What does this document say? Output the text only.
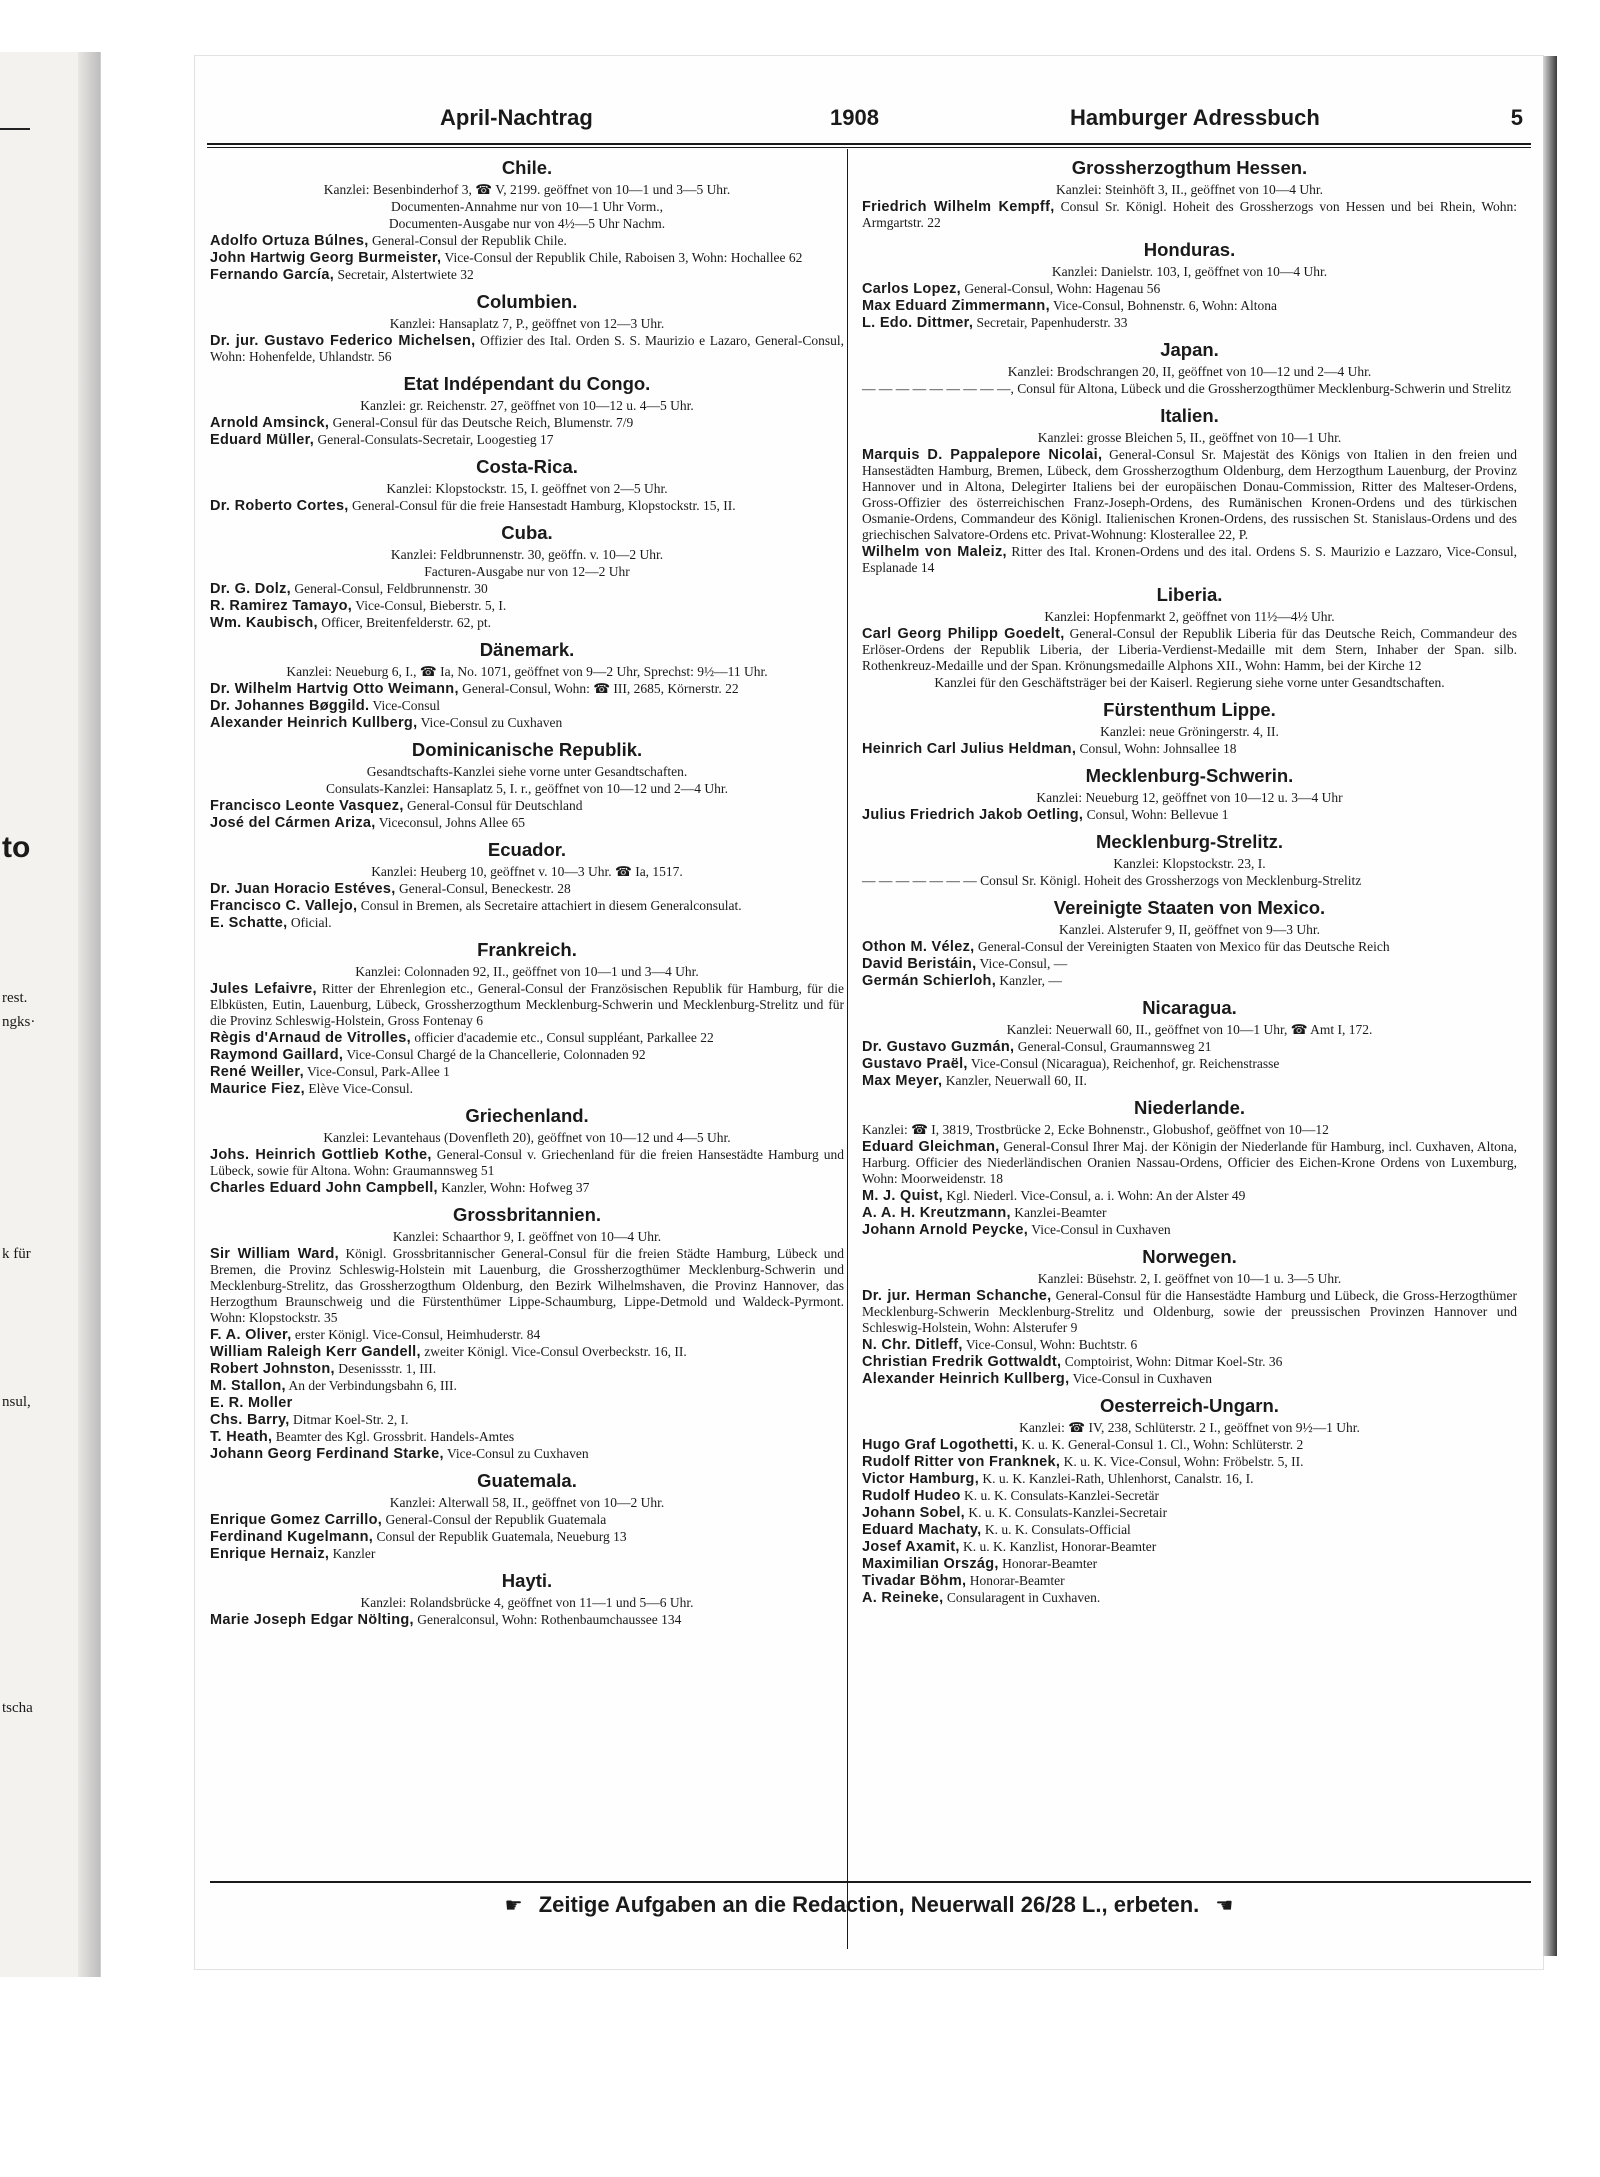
to
rest.
ngks·
k für
nsul,
tscha
April-Nachtrag	1908	Hamburger Adressbuch	5
Chile.
Kanzlei: Besenbinderhof 3, ☎ V, 2199. geöffnet von 10—1 und 3—5 Uhr.
Documenten-Annahme nur von 10—1 Uhr Vorm.,
Documenten-Ausgabe nur von 4½—5 Uhr Nachm.
Adolfo Ortuza Búlnes, General-Consul der Republik Chile.
John Hartwig Georg Burmeister, Vice-Consul der Republik Chile, Raboisen 3, Wohn: Hochallee 62
Fernando García, Secretair, Alstertwiete 32
Columbien.
Kanzlei: Hansaplatz 7, P., geöffnet von 12—3 Uhr.
Dr. jur. Gustavo Federico Michelsen, Offizier des Ital. Orden S. S. Maurizio e Lazaro, General-Consul, Wohn: Hohenfelde, Uhlandstr. 56
Etat Indépendant du Congo.
Kanzlei: gr. Reichenstr. 27, geöffnet von 10—12 u. 4—5 Uhr.
Arnold Amsinck, General-Consul für das Deutsche Reich, Blumenstr. 7/9
Eduard Müller, General-Consulats-Secretair, Loogestieg 17
Costa-Rica.
Kanzlei: Klopstockstr. 15, I. geöffnet von 2—5 Uhr.
Dr. Roberto Cortes, General-Consul für die freie Hansestadt Hamburg, Klopstockstr. 15, II.
Cuba.
Kanzlei: Feldbrunnenstr. 30, geöffn. v. 10—2 Uhr.
Facturen-Ausgabe nur von 12—2 Uhr
Dr. G. Dolz, General-Consul, Feldbrunnenstr. 30
R. Ramirez Tamayo, Vice-Consul, Bieberstr. 5, I.
Wm. Kaubisch, Officer, Breitenfelderstr. 62, pt.
Dänemark.
Kanzlei: Neueburg 6, I., ☎ Ia, No. 1071, geöffnet von 9—2 Uhr, Sprechst: 9½—11 Uhr.
Dr. Wilhelm Hartvig Otto Weimann, General-Consul, Wohn: ☎ III, 2685, Körnerstr. 22
Dr. Johannes Bøggild. Vice-Consul
Alexander Heinrich Kullberg, Vice-Consul zu Cuxhaven
Dominicanische Republik.
Gesandtschafts-Kanzlei siehe vorne unter Gesandtschaften.
Consulats-Kanzlei: Hansaplatz 5, I. r., geöffnet von 10—12 und 2—4 Uhr.
Francisco Leonte Vasquez, General-Consul für Deutschland
José del Cármen Ariza, Viceconsul, Johns Allee 65
Ecuador.
Kanzlei: Heuberg 10, geöffnet v. 10—3 Uhr. ☎ Ia, 1517.
Dr. Juan Horacio Estéves, General-Consul, Beneckestr. 28
Francisco C. Vallejo, Consul in Bremen, als Secretaire attachiert in diesem Generalconsulat.
E. Schatte, Oficial.
Frankreich.
Kanzlei: Colonnaden 92, II., geöffnet von 10—1 und 3—4 Uhr.
Jules Lefaivre, Ritter der Ehrenlegion etc., General-Consul der Französischen Republik für Hamburg, für die Elbküsten, Eutin, Lauenburg, Lübeck, Grossherzogthum Mecklenburg-Schwerin und Mecklenburg-Strelitz und für die Provinz Schleswig-Holstein, Gross Fontenay 6
Règis d'Arnaud de Vitrolles, officier d'academie etc., Consul suppléant, Parkallee 22
Raymond Gaillard, Vice-Consul Chargé de la Chancellerie, Colonnaden 92
René Weiller, Vice-Consul, Park-Allee 1
Maurice Fiez, Elève Vice-Consul.
Griechenland.
Kanzlei: Levantehaus (Dovenfleth 20), geöffnet von 10—12 und 4—5 Uhr.
Johs. Heinrich Gottlieb Kothe, General-Consul v. Griechenland für die freien Hansestädte Hamburg und Lübeck, sowie für Altona. Wohn: Graumannsweg 51
Charles Eduard John Campbell, Kanzler, Wohn: Hofweg 37
Grossbritannien.
Kanzlei: Schaarthor 9, I. geöffnet von 10—4 Uhr.
Sir William Ward, Königl. Grossbritannischer General-Consul für die freien Städte Hamburg, Lübeck und Bremen, die Provinz Schleswig-Holstein mit Lauenburg, die Grossherzogthümer Mecklenburg-Schwerin und Mecklenburg-Strelitz, das Grossherzogthum Oldenburg, den Bezirk Wilhelmshaven, die Provinz Hannover, das Herzogthum Braunschweig und die Fürstenthümer Lippe-Schaumburg, Lippe-Detmold und Waldeck-Pyrmont. Wohn: Klopstockstr. 35
F. A. Oliver, erster Königl. Vice-Consul, Heimhuderstr. 84
William Raleigh Kerr Gandell, zweiter Königl. Vice-Consul Overbeckstr. 16, II.
Robert Johnston, Desenissstr. 1, III.
M. Stallon, An der Verbindungsbahn 6, III.
E. R. Moller
Chs. Barry, Ditmar Koel-Str. 2, I.
T. Heath, Beamter des Kgl. Grossbrit. Handels-Amtes
Johann Georg Ferdinand Starke, Vice-Consul zu Cuxhaven
Guatemala.
Kanzlei: Alterwall 58, II., geöffnet von 10—2 Uhr.
Enrique Gomez Carrillo, General-Consul der Republik Guatemala
Ferdinand Kugelmann, Consul der Republik Guatemala, Neueburg 13
Enrique Hernaiz, Kanzler
Hayti.
Kanzlei: Rolandsbrücke 4, geöffnet von 11—1 und 5—6 Uhr.
Marie Joseph Edgar Nölting, Generalconsul, Wohn: Rothenbaumchaussee 134
Grossherzogthum Hessen.
Kanzlei: Steinhöft 3, II., geöffnet von 10—4 Uhr.
Friedrich Wilhelm Kempff, Consul Sr. Königl. Hoheit des Grossherzogs von Hessen und bei Rhein, Wohn: Armgartstr. 22
Honduras.
Kanzlei: Danielstr. 103, I, geöffnet von 10—4 Uhr.
Carlos Lopez, General-Consul, Wohn: Hagenau 56
Max Eduard Zimmermann, Vice-Consul, Bohnenstr. 6, Wohn: Altona
L. Edo. Dittmer, Secretair, Papenhuderstr. 33
Japan.
Kanzlei: Brodschrangen 20, II, geöffnet von 10—12 und 2—4 Uhr.
— — — — — — — — —, Consul für Altona, Lübeck und die Grossherzogthümer Mecklenburg-Schwerin und Strelitz
Italien.
Kanzlei: grosse Bleichen 5, II., geöffnet von 10—1 Uhr.
Marquis D. Pappalepore Nicolai, General-Consul Sr. Majestät des Königs von Italien in den freien und Hansestädten Hamburg, Bremen, Lübeck, dem Grossherzogthum Oldenburg, dem Herzogthum Lauenburg, der Provinz Hannover und in Altona, Delegirter Italiens bei der europäischen Donau-Commission, Ritter des Malteser-Ordens, Gross-Offizier des österreichischen Franz-Joseph-Ordens, des Rumänischen Kronen-Ordens und des türkischen Osmanie-Ordens, Commandeur des Königl. Italienischen Kronen-Ordens, des russischen St. Stanislaus-Ordens und des griechischen Salvatore-Ordens etc. Privat-Wohnung: Klosterallee 22, P.
Wilhelm von Maleiz, Ritter des Ital. Kronen-Ordens und des ital. Ordens S. S. Maurizio e Lazzaro, Vice-Consul, Esplanade 14
Liberia.
Kanzlei: Hopfenmarkt 2, geöffnet von 11½—4½ Uhr.
Carl Georg Philipp Goedelt, General-Consul der Republik Liberia für das Deutsche Reich, Commandeur des Erlöser-Ordens der Republik Liberia, der Liberia-Verdienst-Medaille mit dem Stern, Inhaber der Span. silb. Rothenkreuz-Medaille und der Span. Krönungsmedaille Alphons XII., Wohn: Hamm, bei der Kirche 12
Kanzlei für den Geschäftsträger bei der Kaiserl. Regierung siehe vorne unter Gesandtschaften.
Fürstenthum Lippe.
Kanzlei: neue Gröningerstr. 4, II.
Heinrich Carl Julius Heldman, Consul, Wohn: Johnsallee 18
Mecklenburg-Schwerin.
Kanzlei: Neueburg 12, geöffnet von 10—12 u. 3—4 Uhr
Julius Friedrich Jakob Oetling, Consul, Wohn: Bellevue 1
Mecklenburg-Strelitz.
Kanzlei: Klopstockstr. 23, I.
— — — — — — — Consul Sr. Königl. Hoheit des Grossherzogs von Mecklenburg-Strelitz
Vereinigte Staaten von Mexico.
Kanzlei. Alsterufer 9, II, geöffnet von 9—3 Uhr.
Othon M. Vélez, General-Consul der Vereinigten Staaten von Mexico für das Deutsche Reich
David Beristáin, Vice-Consul, —
Germán Schierloh, Kanzler, —
Nicaragua.
Kanzlei: Neuerwall 60, II., geöffnet von 10—1 Uhr, ☎ Amt I, 172.
Dr. Gustavo Guzmán, General-Consul, Graumannsweg 21
Gustavo Praël, Vice-Consul (Nicaragua), Reichenhof, gr. Reichenstrasse
Max Meyer, Kanzler, Neuerwall 60, II.
Niederlande.
Kanzlei: ☎ I, 3819, Trostbrücke 2, Ecke Bohnenstr., Globushof, geöffnet von 10—12
Eduard Gleichman, General-Consul Ihrer Maj. der Königin der Niederlande für Hamburg, incl. Cuxhaven, Altona, Harburg. Officier des Niederländischen Oranien Nassau-Ordens, Officier des Eichen-Krone Ordens von Luxemburg, Wohn: Moorweidenstr. 18
M. J. Quist, Kgl. Niederl. Vice-Consul, a. i. Wohn: An der Alster 49
A. A. H. Kreutzmann, Kanzlei-Beamter
Johann Arnold Peycke, Vice-Consul in Cuxhaven
Norwegen.
Kanzlei: Büsehstr. 2, I. geöffnet von 10—1 u. 3—5 Uhr.
Dr. jur. Herman Schanche, General-Consul für die Hansestädte Hamburg und Lübeck, die Gross-Herzogthümer Mecklenburg-Schwerin Mecklenburg-Strelitz und Oldenburg, sowie der preussischen Provinzen Hannover und Schleswig-Holstein, Wohn: Alsterufer 9
N. Chr. Ditleff, Vice-Consul, Wohn: Buchtstr. 6
Christian Fredrik Gottwaldt, Comptoirist, Wohn: Ditmar Koel-Str. 36
Alexander Heinrich Kullberg, Vice-Consul in Cuxhaven
Oesterreich-Ungarn.
Kanzlei: ☎ IV, 238, Schlüterstr. 2 I., geöffnet von 9½—1 Uhr.
Hugo Graf Logothetti, K. u. K. General-Consul 1. Cl., Wohn: Schlüterstr. 2
Rudolf Ritter von Franknek, K. u. K. Vice-Consul, Wohn: Fröbelstr. 5, II.
Victor Hamburg, K. u. K. Kanzlei-Rath, Uhlenhorst, Canalstr. 16, I.
Rudolf Hudeo K. u. K. Consulats-Kanzlei-Secretär
Johann Sobel, K. u. K. Consulats-Kanzlei-Secretair
Eduard Machaty, K. u. K. Consulats-Official
Josef Axamit, K. u. K. Kanzlist, Honorar-Beamter
Maximilian Ország, Honorar-Beamter
Tivadar Böhm, Honorar-Beamter
A. Reineke, Consularagent in Cuxhaven.
☛ Zeitige Aufgaben an die Redaction, Neuerwall 26/28 L., erbeten. ☚
